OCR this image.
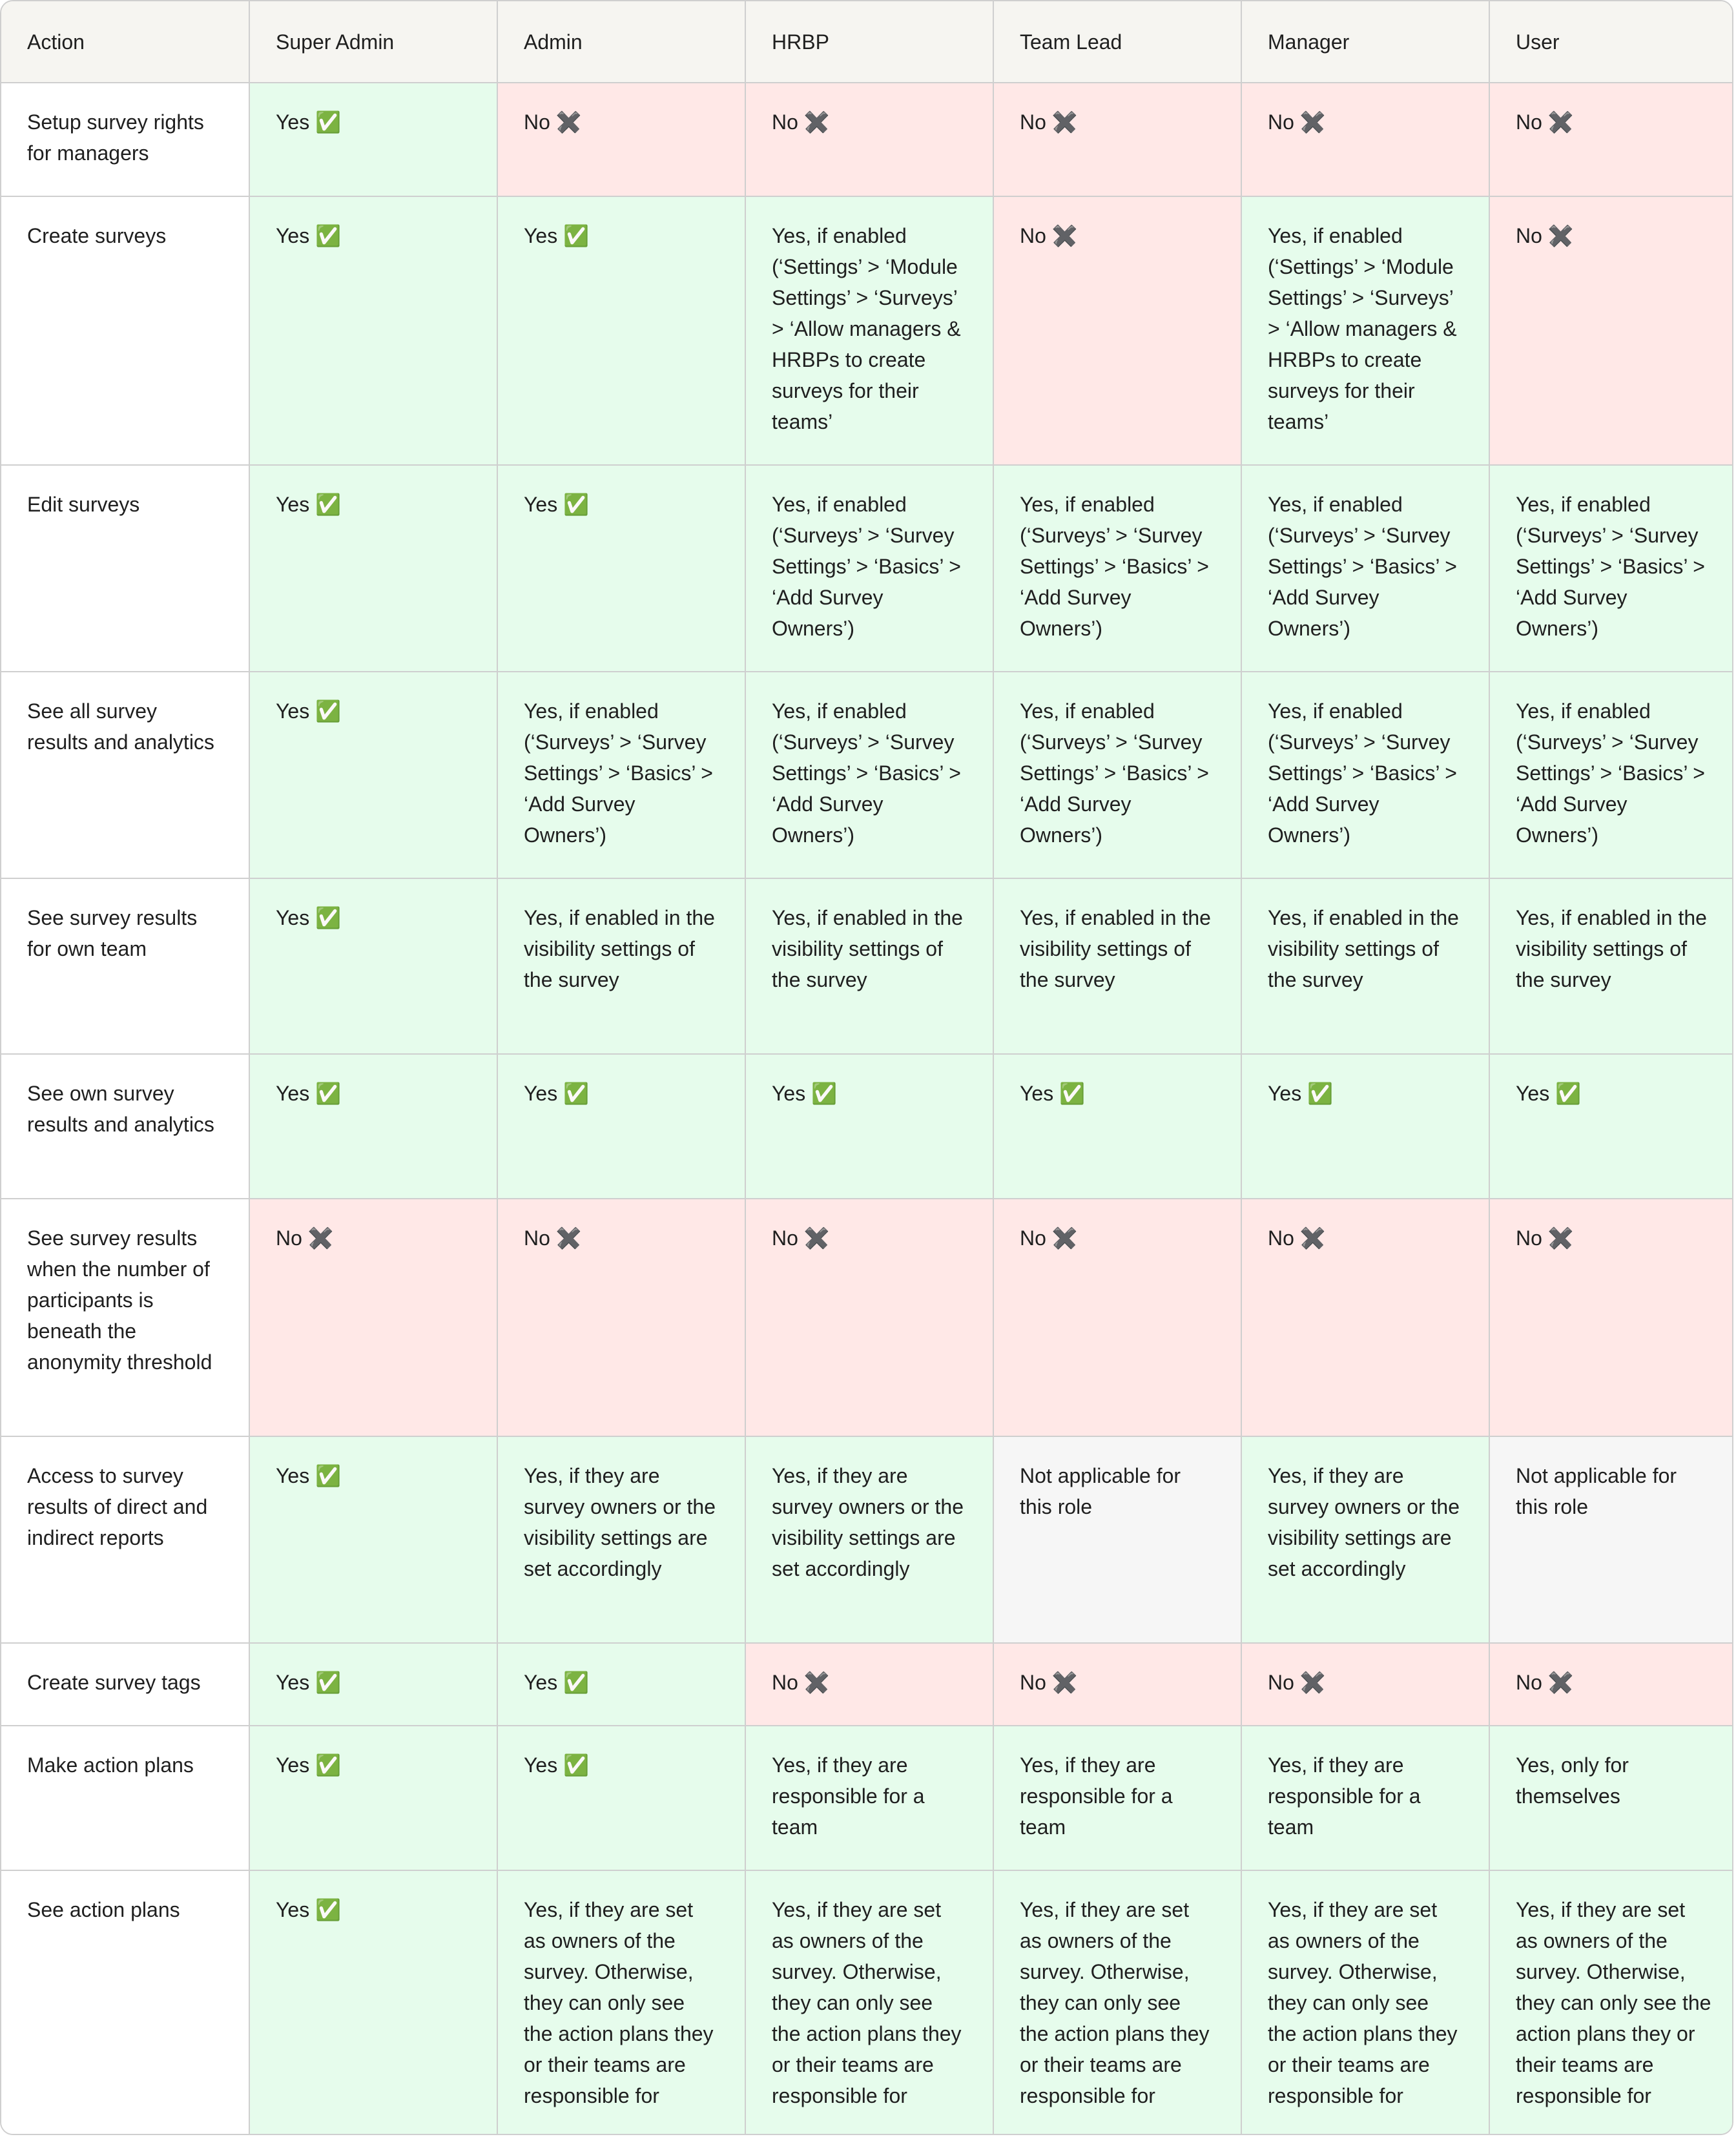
Action	Super Admin	Admin	HRBP	Team Lead	Manager	User
Setup survey rights for managers	Yes ✅	No ✖️	No ✖️	No ✖️	No ✖️	No ✖️
Create surveys	Yes ✅	Yes ✅	Yes, if enabled (‘Settings’ > ‘Module Settings’ > ‘Surveys’ > ‘Allow managers & HRBPs to create surveys for their teams’	No ✖️	Yes, if enabled (‘Settings’ > ‘Module Settings’ > ‘Surveys’ > ‘Allow managers & HRBPs to create surveys for their teams’	No ✖️
Edit surveys	Yes ✅	Yes ✅	Yes, if enabled (‘Surveys’ > ‘Survey Settings’ > ‘Basics’ > ‘Add Survey Owners’)	Yes, if enabled (‘Surveys’ > ‘Survey Settings’ > ‘Basics’ > ‘Add Survey Owners’)	Yes, if enabled (‘Surveys’ > ‘Survey Settings’ > ‘Basics’ > ‘Add Survey Owners’)	Yes, if enabled (‘Surveys’ > ‘Survey Settings’ > ‘Basics’ > ‘Add Survey Owners’)
See all survey results and analytics	Yes ✅	Yes, if enabled (‘Surveys’ > ‘Survey Settings’ > ‘Basics’ > ‘Add Survey Owners’)	Yes, if enabled (‘Surveys’ > ‘Survey Settings’ > ‘Basics’ > ‘Add Survey Owners’)	Yes, if enabled (‘Surveys’ > ‘Survey Settings’ > ‘Basics’ > ‘Add Survey Owners’)	Yes, if enabled (‘Surveys’ > ‘Survey Settings’ > ‘Basics’ > ‘Add Survey Owners’)	Yes, if enabled (‘Surveys’ > ‘Survey Settings’ > ‘Basics’ > ‘Add Survey Owners’)
See survey results for own team	Yes ✅	Yes, if enabled in the visibility settings of the survey	Yes, if enabled in the visibility settings of the survey	Yes, if enabled in the visibility settings of the survey	Yes, if enabled in the visibility settings of the survey	Yes, if enabled in the visibility settings of the survey
See own survey results and analytics	Yes ✅	Yes ✅	Yes ✅	Yes ✅	Yes ✅	Yes ✅
See survey results when the number of participants is beneath the anonymity threshold	No ✖️	No ✖️	No ✖️	No ✖️	No ✖️	No ✖️
Access to survey results of direct and indirect reports	Yes ✅	Yes, if they are survey owners or the visibility settings are set accordingly	Yes, if they are survey owners or the visibility settings are set accordingly	Not applicable for this role	Yes, if they are survey owners or the visibility settings are set accordingly	Not applicable for this role
Create survey tags	Yes ✅	Yes ✅	No ✖️	No ✖️	No ✖️	No ✖️
Make action plans	Yes ✅	Yes ✅	Yes, if they are responsible for a team	Yes, if they are responsible for a team	Yes, if they are responsible for a team	Yes, only for themselves
See action plans	Yes ✅	Yes, if they are set as owners of the survey. Otherwise, they can only see the action plans they or their teams are responsible for	Yes, if they are set as owners of the survey. Otherwise, they can only see the action plans they or their teams are responsible for	Yes, if they are set as owners of the survey. Otherwise, they can only see the action plans they or their teams are responsible for	Yes, if they are set as owners of the survey. Otherwise, they can only see the action plans they or their teams are responsible for	Yes, if they are set as owners of the survey. Otherwise, they can only see the action plans they or their teams are responsible for
